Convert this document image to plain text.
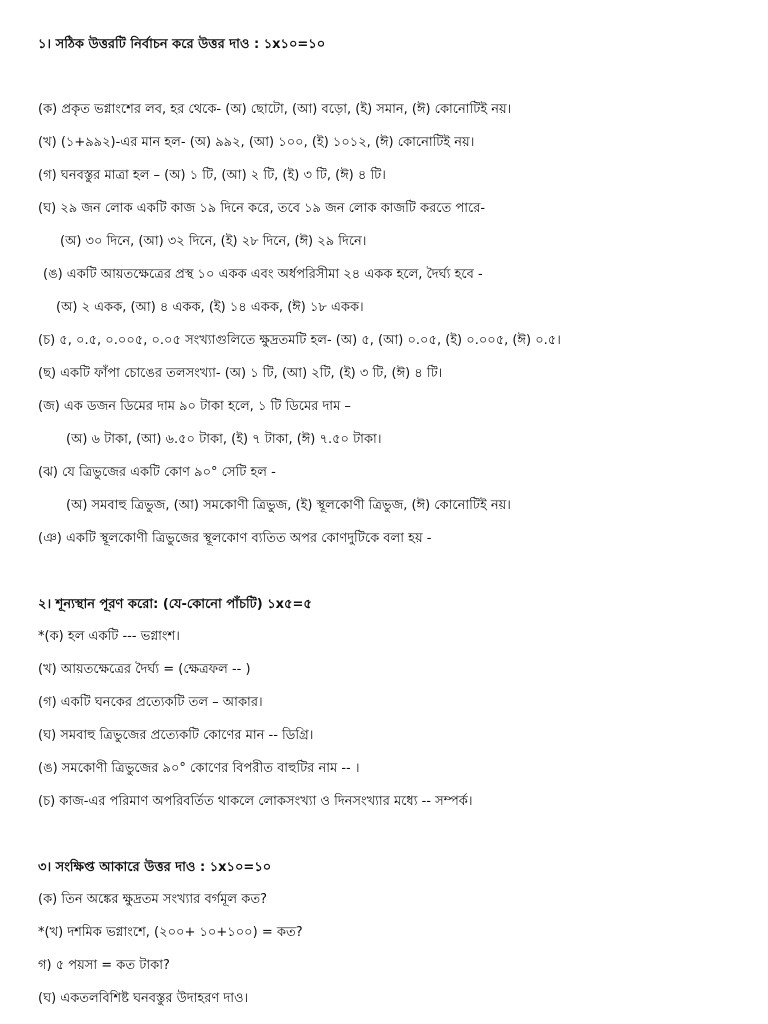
১। সঠিক উত্তরটি নির্বাচন করে উত্তর দাও : ১x১০=১০
(ক) প্রকৃত ভগ্নাংশের লব, হর থেকে- (অ) ছোটো, (আ) বড়ো, (ই) সমান, (ঈ) কোনোটিই নয়।
(খ) (১+৯৯২)-এর মান হল- (অ) ৯৯২, (আ) ১০০, (ই) ১০১২, (ঈ) কোনোটিই নয়।
(গ) ঘনবস্তুর মাত্রা হল – (অ) ১ টি, (আ) ২ টি, (ই) ৩ টি, (ঈ) ৪ টি।
(ঘ) ২৯ জন লোক একটি কাজ ১৯ দিনে করে, তবে ১৯ জন লোক কাজটি করতে পারে-
(অ) ৩০ দিনে, (আ) ৩২ দিনে, (ই) ২৮ দিনে, (ঈ) ২৯ দিনে।
(ঙ) একটি আয়তক্ষেত্রের প্রস্থ ১০ একক এবং অর্ধপরিসীমা ২৪ একক হলে, দৈর্ঘ্য হবে -
(অ) ২ একক, (আ) ৪ একক, (ই) ১৪ একক, (ঈ) ১৮ একক।
(চ) ৫, ০.৫, ০.০০৫, ০.০৫ সংখ্যাগুলিতে ক্ষুদ্রতমটি হল- (অ) ৫, (আ) ০.০৫, (ই) ০.০০৫, (ঈ) ০.৫।
(ছ) একটি ফাঁপা চোঙের তলসংখ্যা- (অ) ১ টি, (আ) ২টি, (ই) ৩ টি, (ঈ) ৪ টি।
(জ) এক ডজন ডিমের দাম ৯০ টাকা হলে, ১ টি ডিমের দাম –
(অ) ৬ টাকা, (আ) ৬.৫০ টাকা, (ই) ৭ টাকা, (ঈ) ৭.৫০ টাকা।
(ঝ) যে ত্রিভুজের একটি কোণ ৯০° সেটি হল -
(অ) সমবাহু ত্রিভুজ, (আ) সমকোণী ত্রিভুজ, (ই) স্থূলকোণী ত্রিভুজ, (ঈ) কোনোটিই নয়।
(ঞ) একটি স্থূলকোণী ত্রিভুজের স্থূলকোণ ব্যতিত অপর কোণদুটিকে বলা হয় -
২। শূন্যস্থান পূরণ করো: (যে-কোনো পাঁচটি) ১x৫=৫
*(ক) হল একটি --- ভগ্নাংশ।
(খ) আয়তক্ষেত্রের দৈর্ঘ্য = (ক্ষেত্রফল -- )
(গ) একটি ঘনকের প্রত্যেকটি তল – আকার।
(ঘ) সমবাহু ত্রিভুজের প্রত্যেকটি কোণের মান -- ডিগ্রি।
(ঙ) সমকোণী ত্রিভুজের ৯০° কোণের বিপরীত বাহুটির নাম -- ।
(চ) কাজ-এর পরিমাণ অপরিবর্তিত থাকলে লোকসংখ্যা ও দিনসংখ্যার মধ্যে -- সম্পর্ক।
৩। সংক্ষিপ্ত আকারে উত্তর দাও : ১x১০=১০
(ক) তিন অঙ্কের ক্ষুদ্রতম সংখ্যার বর্গমূল কত?
*(খ) দশমিক ভগ্নাংশে, (২০০+ ১০+১০০) = কত?
গ) ৫ পয়সা = কত টাকা?
(ঘ) একতলবিশিষ্ট ঘনবস্তুর উদাহরণ দাও।
